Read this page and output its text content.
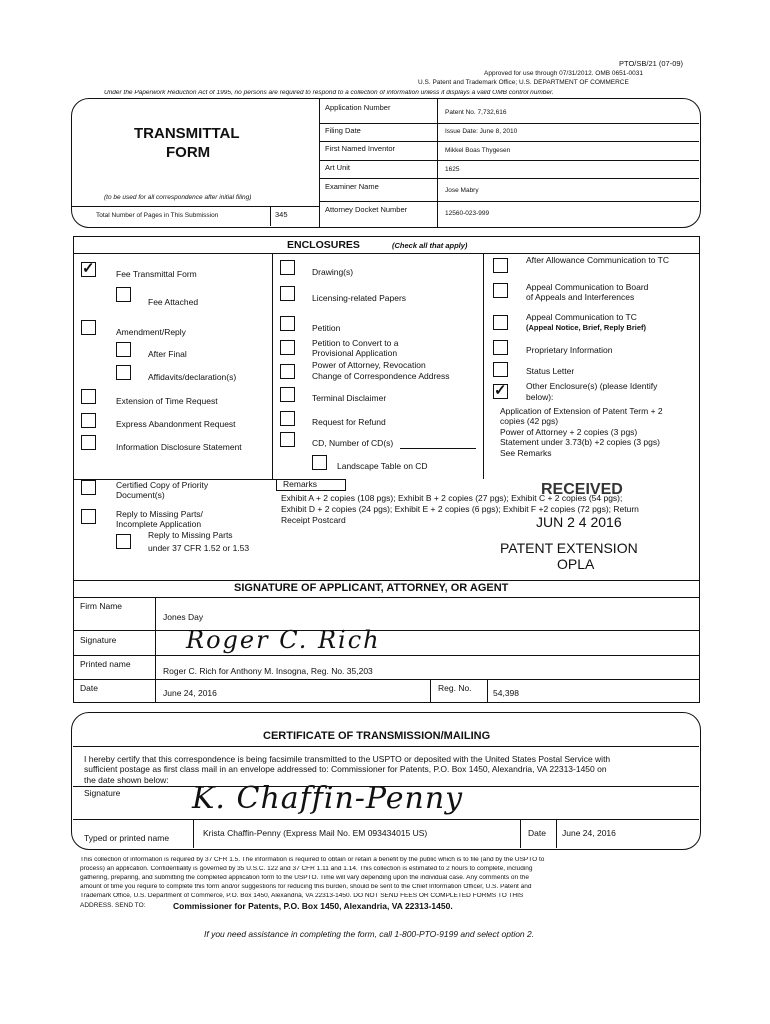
PTO/SB/21 (07-09)
Approved for use through 07/31/2012. OMB 0651-0031
U.S. Patent and Trademark Office; U.S. DEPARTMENT OF COMMERCE
Under the Paperwork Reduction Act of 1995, no persons are required to respond to a collection of information unless it displays a valid OMB control number.
TRANSMITTAL
FORM
(to be used for all correspondence after initial filing)
Total Number of Pages in This Submission	345
Application Number
Patent No. 7,732,616
Filing Date	Issue Date: June 8, 2010
First Named Inventor	Mikkel Boas Thygesen
Art Unit	1625
Examiner Name	Jose Mabry
Attorney Docket Number	12560-023-999
ENCLOSURES	(Check all that apply)
✓	Fee Transmittal Form
Fee Attached
Amendment/Reply
After Final
Affidavits/declaration(s)
Extension of Time Request
Express Abandonment Request
Information Disclosure Statement
Certified Copy of Priority
Document(s)
Reply to Missing Parts/
Incomplete Application
Reply to Missing Parts
under 37 CFR 1.52 or 1.53
Drawing(s)
Licensing-related Papers
Petition
Petition to Convert to a
Provisional Application
Power of Attorney, Revocation
Change of Correspondence Address
Terminal Disclaimer
Request for Refund
CD, Number of CD(s)
Landscape Table on CD
After Allowance Communication to TC
Appeal Communication to Board
of Appeals and Interferences
Appeal Communication to TC
(Appeal Notice, Brief, Reply Brief)
Proprietary Information
Status Letter
✓ Other Enclosure(s) (please Identify
below):
Application of Extension of Patent Term + 2
copies (42 pgs)
Power of Attorney + 2 copies (3 pgs)
Statement under 3.73(b) +2 copies (3 pgs)
See Remarks
Remarks
Exhibit A + 2 copies (108 pgs); Exhibit B + 2 copies (27 pgs); Exhibit C + 2 copies (54 pgs);
Exhibit D + 2 copies (24 pgs); Exhibit E + 2 copies (6 pgs); Exhibit F +2 copies (72 pgs); Return
Receipt Postcard
RECEIVED
JUN 2 4 2016
PATENT EXTENSION
OPLA
SIGNATURE OF APPLICANT, ATTORNEY, OR AGENT
Firm Name
Jones Day
Signature	Roger C. Rich
Printed name
Roger C. Rich for Anthony M. Insogna, Reg. No. 35,203
Date	June 24, 2016	Reg. No.	54,398
CERTIFICATE OF TRANSMISSION/MAILING
I hereby certify that this correspondence is being facsimile transmitted to the USPTO or deposited with the United States Postal Service with
sufficient postage as first class mail in an envelope addressed to: Commissioner for Patents, P.O. Box 1450, Alexandria, VA 22313-1450 on
the date shown below:
Signature K. Chaffin-Penny
Typed or printed name	Krista Chaffin-Penny (Express Mail No. EM 093434015 US)	Date June 24, 2016
This collection of information is required by 37 CFR 1.5. The information is required to obtain or retain a benefit by the public which is to file (and by the USPTO to
process) an application. Confidentiality is governed by 35 U.S.C. 122 and 37 CFR 1.11 and 1.14. This collection is estimated to 2 hours to complete, including
gathering, preparing, and submitting the completed application form to the USPTO. Time will vary depending upon the individual case. Any comments on the
amount of time you require to complete this form and/or suggestions for reducing this burden, should be sent to the Chief Information Officer, U.S. Patent and
Trademark Office, U.S. Department of Commerce, P.O. Box 1450, Alexandria, VA 22313-1450. DO NOT SEND FEES OR COMPLETED FORMS TO THIS
ADDRESS. SEND TO:	Commissioner for Patents, P.O. Box 1450, Alexandria, VA 22313-1450.
If you need assistance in completing the form, call 1-800-PTO-9199 and select option 2.
